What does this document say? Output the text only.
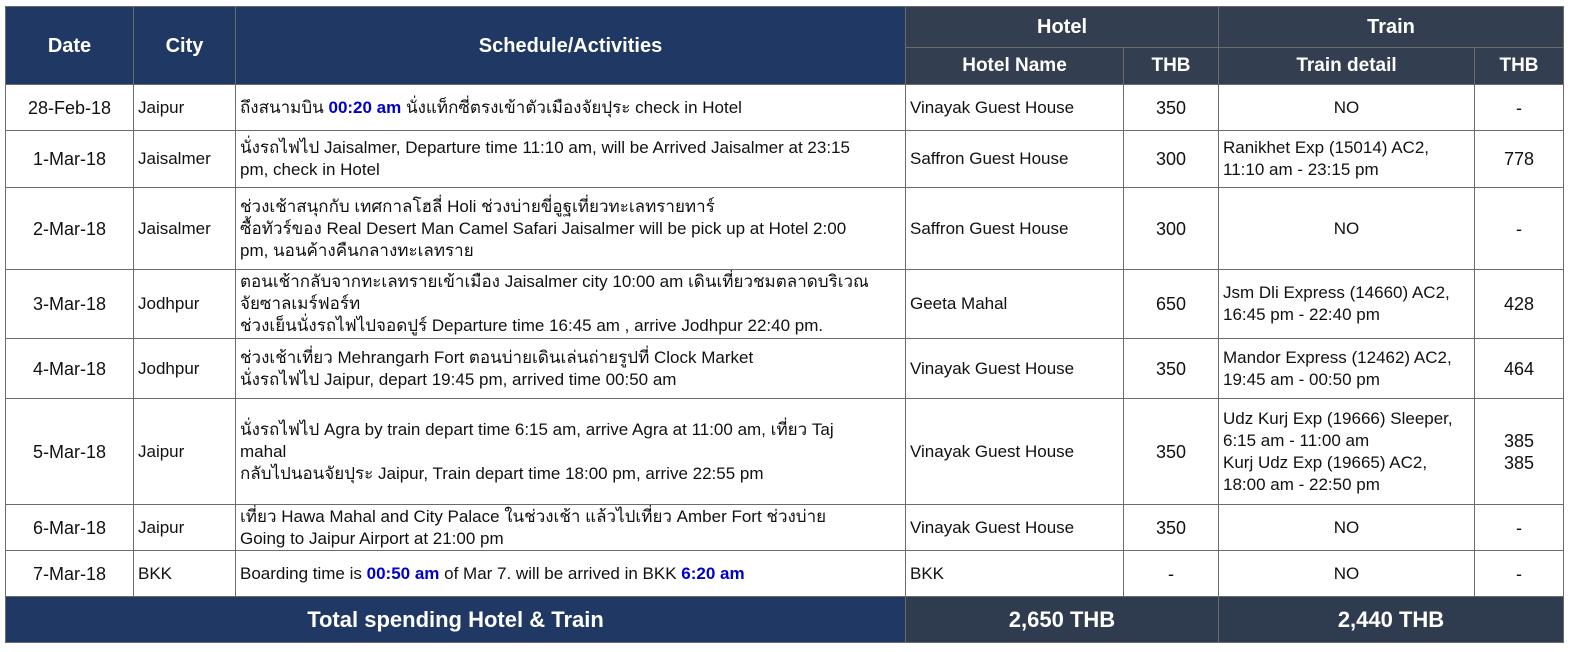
Date	City	Schedule/Activities	Hotel		Train	
			Hotel Name	THB	Train detail	THB
28-Feb-18	Jaipur	ถึงสนามบิน 00:20 am นั่งแท็กซี่ตรงเข้าตัวเมืองจัยปุระ check in Hotel	Vinayak Guest House	350	NO	-
1-Mar-18	Jaisalmer	นั่งรถไฟไป Jaisalmer, Departure time 11:10 am, will be Arrived Jaisalmer at 23:15
pm, check in Hotel	Saffron Guest House	300	Ranikhet Exp (15014) AC2,
11:10 am - 23:15 pm	778
2-Mar-18	Jaisalmer	ช่วงเช้าสนุกกับ เทศกาลโฮลี่ Holi ช่วงบ่ายขี่อูฐเที่ยวทะเลทรายทาร์
ซื้อทัวร์ของ Real Desert Man Camel Safari Jaisalmer will be pick up at Hotel 2:00
pm, นอนค้างคืนกลางทะเลทราย	Saffron Guest House	300	NO	-
3-Mar-18	Jodhpur	ตอนเช้ากลับจากทะเลทรายเข้าเมือง Jaisalmer city 10:00 am เดินเที่ยวชมตลาดบริเวณ
จัยซาลเมร์ฟอร์ท
ช่วงเย็นนั่งรถไฟไปจอดปูร์ Departure time 16:45 am , arrive Jodhpur 22:40 pm.	Geeta Mahal	650	Jsm Dli Express (14660) AC2,
16:45 pm - 22:40 pm	428
4-Mar-18	Jodhpur	ช่วงเช้าเที่ยว Mehrangarh Fort ตอนบ่ายเดินเล่นถ่ายรูปที่ Clock Market
นั่งรถไฟไป Jaipur, depart 19:45 pm, arrived time 00:50 am	Vinayak Guest House	350	Mandor Express (12462) AC2,
19:45 am - 00:50 pm	464
5-Mar-18	Jaipur	นั่งรถไฟไป Agra by train depart time 6:15 am, arrive Agra at 11:00 am, เที่ยว Taj
mahal
กลับไปนอนจัยปุระ Jaipur, Train depart time 18:00 pm, arrive 22:55 pm	Vinayak Guest House	350	Udz Kurj Exp (19666) Sleeper,
6:15 am - 11:00 am
Kurj Udz Exp (19665) AC2,
18:00 am - 22:50 pm	385
385

6-Mar-18	Jaipur	เที่ยว Hawa Mahal and City Palace ในช่วงเช้า แล้วไปเที่ยว Amber Fort ช่วงบ่าย
Going to Jaipur Airport at 21:00 pm	Vinayak Guest House	350	NO	-
7-Mar-18	BKK	Boarding time is 00:50 am of Mar 7. will be arrived in BKK 6:20 am	BKK	-	NO	-
Total spending Hotel & Train			2,650 THB		2,440 THB	
